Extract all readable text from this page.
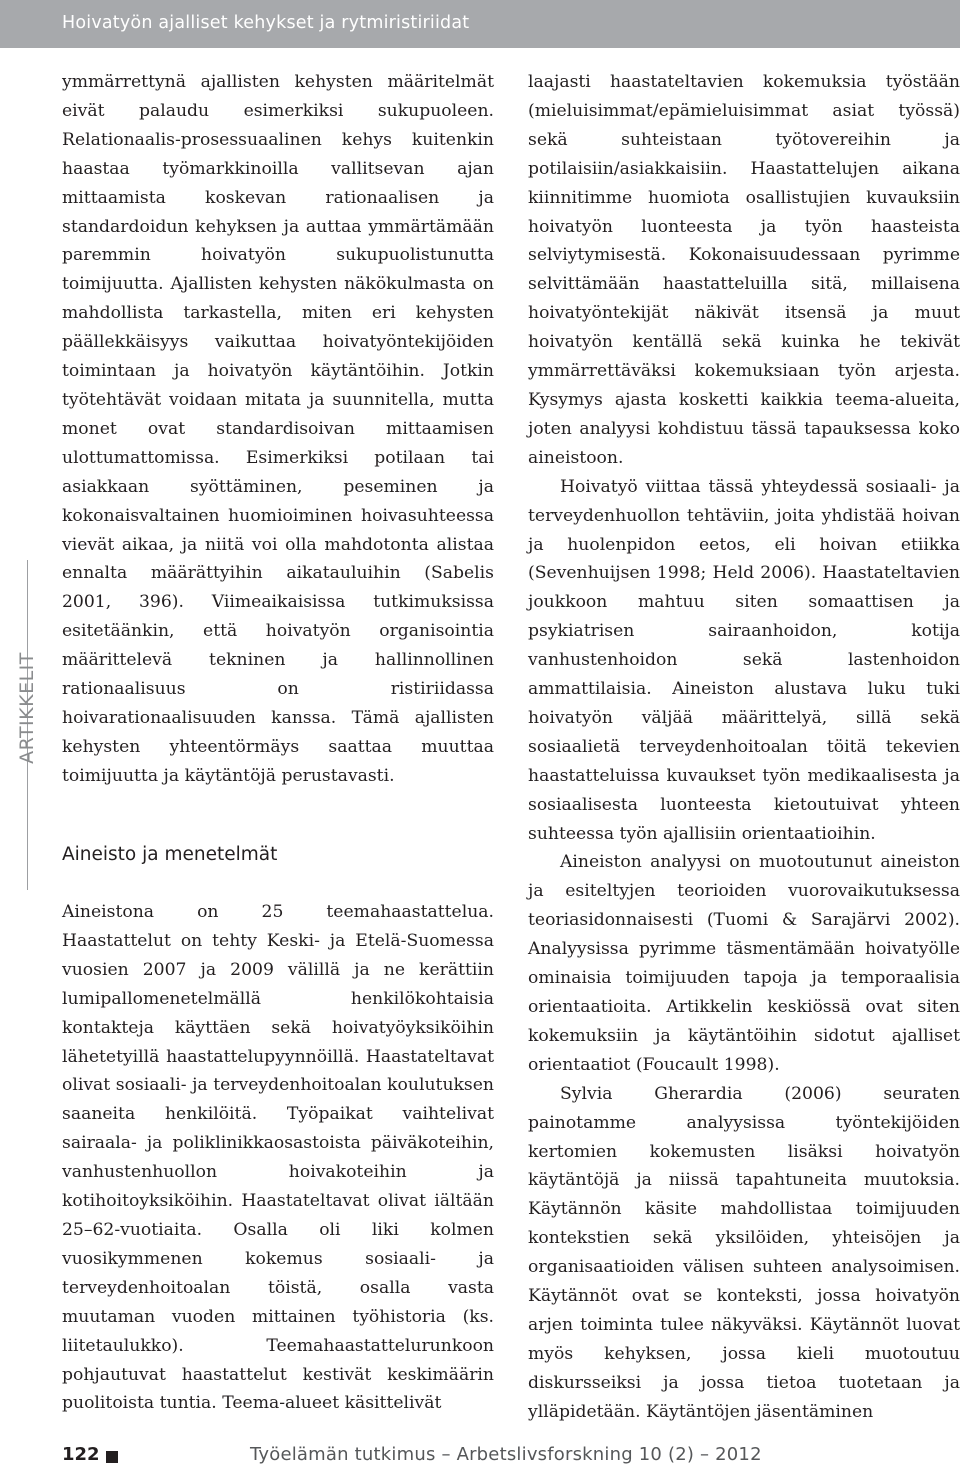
Hoivatyön ajalliset kehykset ja rytmiristiriidat
ARTIKKELIT

ymmärrettynä ajallisten kehysten määritelmät eivät palaudu esimerkiksi sukupuoleen. Relationaalis-prosessuaalinen kehys kuitenkin haastaa työmarkkinoilla vallitsevan ajan mittaamista koskevan rationaalisen ja standardoidun kehyksen ja auttaa ymmärtämään paremmin hoivatyön sukupuolistunutta toimijuutta. Ajallisten kehysten näkökulmasta on mahdollista tarkastella, miten eri kehysten päällekkäisyys vaikuttaa hoivatyöntekijöiden toimintaan ja hoivatyön käytäntöihin. Jotkin työtehtävät voidaan mitata ja suunnitella, mutta monet ovat standardisoivan mittaamisen ulottumattomissa. Esimerkiksi potilaan tai asiakkaan syöttäminen, peseminen ja kokonaisvaltainen huomioiminen hoivasuhteessa vievät aikaa, ja niitä voi olla mahdotonta alistaa ennalta määrättyihin aikatauluihin (Sabelis 2001, 396). Viimeaikaisissa tutkimuksissa esitetäänkin, että hoivatyön organisointia määrittelevä tekninen ja hallinnollinen rationaalisuus on ristiriidassa hoivarationaalisuuden kanssa. Tämä ajallisten kehysten yhteentörmäys saattaa muuttaa toimijuutta ja käytäntöjä perustavasti.

Aineisto ja menetelmät

Aineistona on 25 teemahaastattelua. Haastattelut on tehty Keski- ja Etelä-Suomessa vuosien 2007 ja 2009 välillä ja ne kerättiin lumipallomenetelmällä henkilökohtaisia kontakteja käyttäen sekä hoivatyöyksiköihin lähetetyillä haastattelupyynnöillä. Haastateltavat olivat sosiaali- ja terveydenhoitoalan koulutuksen saaneita henkilöitä. Työpaikat vaihtelivat sairaala- ja poliklinikkaosastoista päiväkoteihin, vanhustenhuollon hoivakoteihin ja kotihoitoyksiköihin. Haastateltavat olivat iältään 25–62-vuotiaita. Osalla oli liki kolmen vuosikymmenen kokemus sosiaali- ja terveydenhoitoalan töistä, osalla vasta muutaman vuoden mittainen työhistoria (ks. liitetaulukko). Teemahaastattelurunkoon pohjautuvat haastattelut kestivät keskimäärin puolitoista tuntia. Teema-alueet käsittelivät

laajasti haastateltavien kokemuksia työstään (mieluisimmat/epämieluisimmat asiat työssä) sekä suhteistaan työtovereihin ja potilaisiin/asiakkaisiin. Haastattelujen aikana kiinnitimme huomiota osallistujien kuvauksiin hoivatyön luonteesta ja työn haasteista selviytymisestä. Kokonaisuudessaan pyrimme selvittämään haastatteluilla sitä, millaisena hoivatyöntekijät näkivät itsensä ja muut hoivatyön kentällä sekä kuinka he tekivät ymmärrettäväksi kokemuksiaan työn arjesta. Kysymys ajasta kosketti kaikkia teema-alueita, joten analyysi kohdistuu tässä tapauksessa koko aineistoon.

Hoivatyö viittaa tässä yhteydessä sosiaali- ja terveydenhuollon tehtäviin, joita yhdistää hoivan ja huolenpidon eetos, eli hoivan etiikka (Sevenhuijsen 1998; Held 2006). Haastateltavien joukkoon mahtuu siten somaattisen ja psykiatrisen sairaanhoidon, kotija vanhustenhoidon sekä lastenhoidon ammattilaisia. Aineiston alustava luku tuki hoivatyön väljää määrittelyä, sillä sekä sosiaalietä terveydenhoitoalan töitä tekevien haastatteluissa kuvaukset työn medikaalisesta ja sosiaalisesta luonteesta kietoutuivat yhteen suhteessa työn ajallisiin orientaatioihin.

Aineiston analyysi on muotoutunut aineiston ja esiteltyjen teorioiden vuorovaikutuksessa teoriasidonnaisesti (Tuomi & Sarajärvi 2002). Analyysissa pyrimme täsmentämään hoivatyölle ominaisia toimijuuden tapoja ja temporaalisia orientaatioita. Artikkelin keskiössä ovat siten kokemuksiin ja käytäntöihin sidotut ajalliset orientaatiot (Foucault 1998).

Sylvia Gherardia (2006) seuraten painotamme analyysissa työntekijöiden kertomien kokemusten lisäksi hoivatyön käytäntöjä ja niissä tapahtuneita muutoksia. Käytännön käsite mahdollistaa toimijuuden kontekstien sekä yksilöiden, yhteisöjen ja organisaatioiden välisen suhteen analysoimisen. Käytännöt ovat se konteksti, jossa hoivatyön arjen toiminta tulee näkyväksi. Käytännöt luovat myös kehyksen, jossa kieli muotoutuu diskursseiksi ja jossa tietoa tuotetaan ja ylläpidetään. Käytäntöjen jäsentäminen

122	Työelämän tutkimus – Arbetslivsforskning 10 (2) – 2012
